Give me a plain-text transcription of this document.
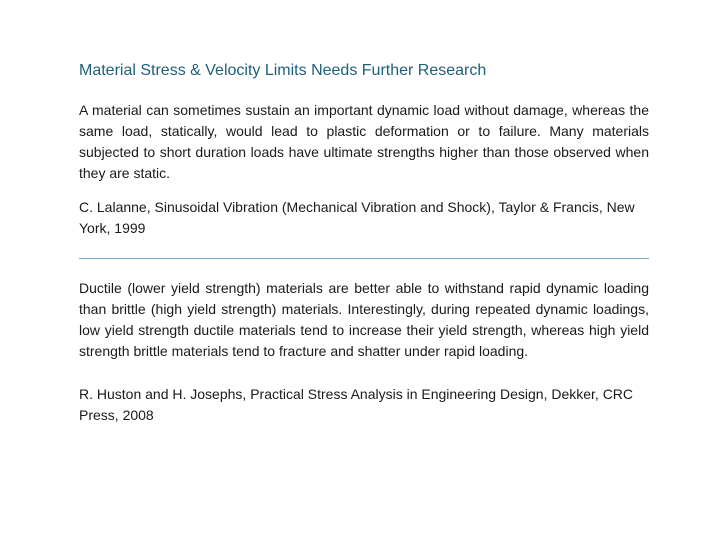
Material Stress & Velocity Limits Needs Further Research

A material can sometimes sustain an important dynamic load without damage, whereas the same load, statically, would lead to plastic deformation or to failure. Many materials subjected to short duration loads have ultimate strengths higher than those observed when they are static.

C. Lalanne, Sinusoidal Vibration (Mechanical Vibration and Shock), Taylor & Francis, New York, 1999

Ductile (lower yield strength) materials are better able to withstand rapid dynamic loading than brittle (high yield strength) materials. Interestingly, during repeated dynamic loadings, low yield strength ductile materials tend to increase their yield strength, whereas high yield strength brittle materials tend to fracture and shatter under rapid loading.

R. Huston and H. Josephs, Practical Stress Analysis in Engineering Design, Dekker, CRC Press, 2008
